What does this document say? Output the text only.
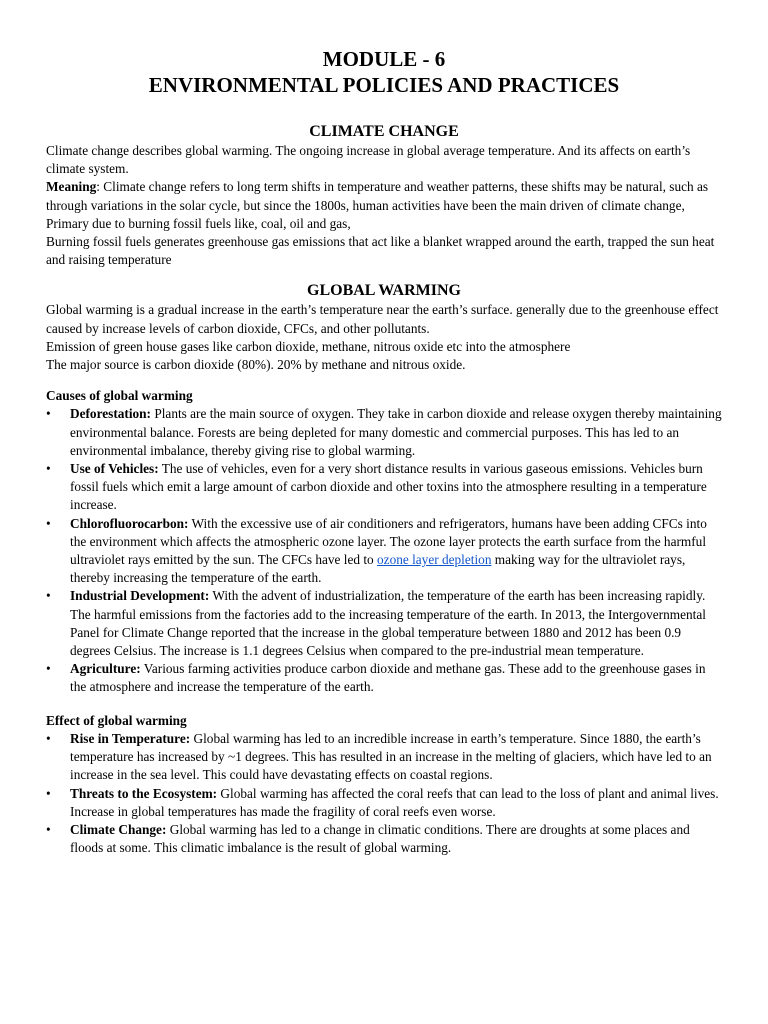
MODULE - 6
ENVIRONMENTAL POLICIES AND PRACTICES
CLIMATE CHANGE

Climate change describes global warming. The ongoing increase in global average temperature. And its affects on earth’s climate system.

Meaning: Climate change refers to long term shifts in temperature and weather patterns, these shifts may be natural, such as through variations in the solar cycle, but since the 1800s, human activities have been the main driven of climate change,

Primary due to burning fossil fuels like, coal, oil and gas,

Burning fossil fuels generates greenhouse gas emissions that act like a blanket wrapped around the earth, trapped the sun heat and raising temperature

GLOBAL WARMING

Global warming is a gradual increase in the earth’s temperature near the earth’s surface. generally due to the greenhouse effect caused by increase levels of carbon dioxide, CFCs, and other pollutants.

Emission of green house gases like carbon dioxide, methane, nitrous oxide etc into the atmosphere

The major source is carbon dioxide (80%). 20% by methane and nitrous oxide.

Causes of global warming
•	Deforestation: Plants are the main source of oxygen. They take in carbon dioxide and release oxygen thereby maintaining environmental balance. Forests are being depleted for many domestic and commercial purposes. This has led to an environmental imbalance, thereby giving rise to global warming.
•	Use of Vehicles: The use of vehicles, even for a very short distance results in various gaseous emissions. Vehicles burn fossil fuels which emit a large amount of carbon dioxide and other toxins into the atmosphere resulting in a temperature increase.
•	Chlorofluorocarbon: With the excessive use of air conditioners and refrigerators, humans have been adding CFCs into the environment which affects the atmospheric ozone layer. The ozone layer protects the earth surface from the harmful ultraviolet rays emitted by the sun. The CFCs have led to ozone layer depletion making way for the ultraviolet rays, thereby increasing the temperature of the earth.
•	Industrial Development: With the advent of industrialization, the temperature of the earth has been increasing rapidly. The harmful emissions from the factories add to the increasing temperature of the earth. In 2013, the Intergovernmental Panel for Climate Change reported that the increase in the global temperature between 1880 and 2012 has been 0.9 degrees Celsius. The increase is 1.1 degrees Celsius when compared to the pre-industrial mean temperature.
•	Agriculture: Various farming activities produce carbon dioxide and methane gas. These add to the greenhouse gases in the atmosphere and increase the temperature of the earth.
Effect of global warming
•	Rise in Temperature: Global warming has led to an incredible increase in earth’s temperature. Since 1880, the earth’s temperature has increased by ~1 degrees. This has resulted in an increase in the melting of glaciers, which have led to an increase in the sea level. This could have devastating effects on coastal regions.
•	Threats to the Ecosystem: Global warming has affected the coral reefs that can lead to the loss of plant and animal lives. Increase in global temperatures has made the fragility of coral reefs even worse.
•	Climate Change: Global warming has led to a change in climatic conditions. There are droughts at some places and floods at some. This climatic imbalance is the result of global warming.
